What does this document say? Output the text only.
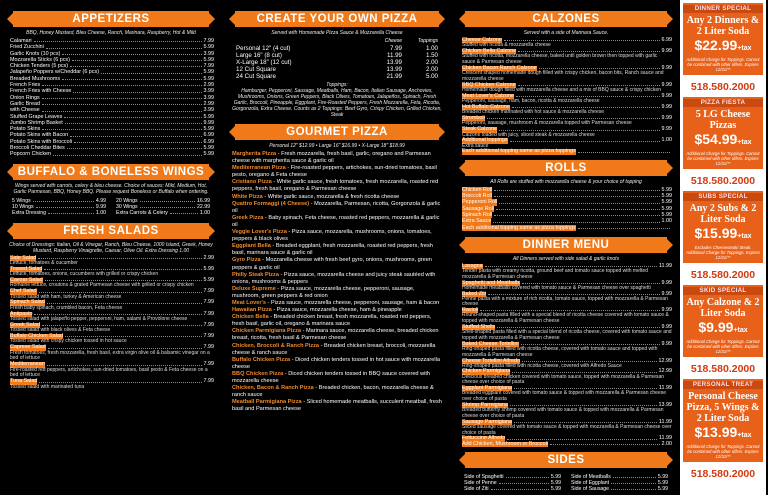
APPETIZERS
BBQ, Honey Mustard, Bleu Cheese, Ranch, Marinara, Raspberry, Hot & Mild
Calamari	7.99
Fried Zucchini	5.99
Garlic Knots (10 pcs)	3.99
Mozzarella Sticks (6 pcs)	5.99
Chicken Tenders (5 pcs)	7.99
Jalapeño Poppers w/Cheddar (6 pcs)	5.99
Breaded Mushrooms	5.99
French Fries	2.99
French Fries with Cheese	3.99
Onion Rings	3.99
Garlic Bread	2.99
with Cheese	3.99
Stuffed Grape Leaves	5.99
Jumbo Shrimp Basket	9.99
Potato Skins	5.99
Potato Skins with Bacon	6.99
Potato Skins with Broccoli	6.99
Broccoli Cheddar Bites	5.99
Popcorn Chicken	5.99
BUFFALO & BONELESS WINGS
Wings served with carrots, celery & bleu cheese. Choice of sauces: Mild, Medium, Hot, Garlic Parmesan, BBQ, Honey BBQ. Please request Boneless or Buffalo when ordering.
5 Wings	4.99 20 Wings	16.99
10 Wings	9.99 30 Wings	22.99
Extra Dressing	1.00 Extra Carrots & Celery	1.00
FRESH SALADS
Choice of Dressings: Italian, Oil & Vinegar, Ranch, Bleu Cheese, 1000 Island, Greek, Honey Mustard, Raspberry Vinaigrette, Caesar, Olive Oil. Extra Dressing 1.00
Side Salad	2.99
Lettuce, tomatoes & cucumber
Tossed Salad	5.99
Lettuce, tomatoes, onions, cucumbers with grilled or crispy chicken
Caesar Salad	5.99
Romaine lettuce, croutons & grated Parmesan cheese with grilled or crispy chicken
Chef Salad	7.99
Tossed salad with ham, turkey & American cheese
Spinach Salad	7.99
Fresh baby spinach, crumbled bacon, Feta cheese
Antipasto	7.99
Tossed salad with jalapeño pepper, pepperoni, ham, salami & Provolone cheese
Greek Salad	7.99
Tossed salad with black olives & Feta cheese
Buffalo Chicken Salad	7.99
Tossed salad with crispy chicken tossed in hot sauce
Caprese Salad	7.99
Fresh tomatoes, fresh mozzarella, fresh basil, extra virgin olive oil & balsamic vinegar on a bed of lettuce
Mediterranean	7.99
Fire-roasted red peppers, artichokes, sun-dried tomatoes, basil pesto & Feta cheese on a bed of lettuce
Tuna Salad	7.99
Tossed salad with marinated tuna
CREATE YOUR OWN PIZZA
Served with Homemade Pizza Sauce & Mozzarella Cheese
Cheese	Toppings
Personal 12" (4 cut)	7.99	1.00
Large 16" (8 cut)	11.99	1.50
X-Large 18" (12 cut)	13.99	2.00
12 Cut Square	13.99	2.00
24 Cut Square	21.99	5.00
Toppings:
Hamburger, Pepperoni, Sausage, Meatballs, Ham, Bacon, Italian Sausage, Anchovies, Mushrooms, Onions, Green Peppers, Black Olives, Tomatoes, Jalapeños, Spinach, Fresh Garlic, Broccoli, Pineapple, Eggplant, Fire-Roasted Peppers, Fresh Mozzarella, Feta, Ricotta, Gorgonzola, Extra Cheese. Counts as 2 Toppings: Beef Gyro, Crispy Chicken, Grilled Chicken, Steak
GOURMET PIZZA
Personal 12" $12.99 • Large 16" $16.99 • X-Large 18" $18.99
Margherita Pizza - Fresh mozzarella, fresh basil, garlic, oregano and Parmesan cheese with margherita sauce & garlic oil
Mediterranean Pizza - Fire-roasted peppers, artichokes, sun-dried tomatoes, basil pesto, oregano & Feta cheese
Cristiano Pizza - White garlic sauce, fresh tomatoes, fresh mozzarella, roasted red peppers, fresh basil, oregano & Parmesan cheese
White Pizza - White garlic sauce, mozzarella & fresh ricotta cheese
Quattro Formaggi (4 Cheese) - Mozzarella, Parmesan, ricotta, Gorgonzola & garlic oil
Greek Pizza - Baby spinach, Feta cheese, roasted red peppers, mozzarella & garlic oil
Veggie Lover's Pizza - Pizza sauce, mozzarella, mushrooms, onions, tomatoes, peppers & black olives
Eggplant Bella - Breaded eggplant, fresh mozzarella, roasted red peppers, fresh basil, marinara sauce & garlic oil
Gyro Pizza - Mozzarella cheese with fresh beef gyro, onions, mushrooms, green peppers & garlic oil
Philly Steak Pizza - Pizza sauce, mozzarella cheese and juicy steak sautéed with onions, mushrooms & peppers
Deluxe Supreme - Pizza sauce, mozzarella cheese, pepperoni, sausage, mushroom, green peppers & red onion
Meat Lover's - Pizza sauce, mozzarella cheese, pepperoni, sausage, ham & bacon
Hawaiian Pizza - Pizza sauce, mozzarella cheese, ham & pineapple
Chicken Bella - Breaded chicken breast, fresh mozzarella, roasted red peppers, fresh basil, garlic oil, oregano & marinara sauce
Chicken Parmigiana Pizza - Marinara sauce, mozzarella cheese, breaded chicken breast, ricotta, fresh basil & Parmesan cheese
Chicken, Broccoli & Ranch Pizza - Breaded chicken breast, broccoli, mozzarella cheese & ranch sauce
Buffalo Chicken Pizza - Diced chicken tenders tossed in hot sauce with mozzarella cheese
BBQ Chicken Pizza - Diced chicken tenders tossed in BBQ sauce covered with mozzarella cheese
Chicken, Bacon & Ranch Pizza - Breaded chicken, bacon, mozzarella cheese & ranch sauce
Meatball Parmigiana Pizza - Sliced homemade meatballs, succulent meatball, fresh basil and Parmesan cheese
CALZONES
Served with a side of Marinara Sauce.
Cheese Calzone	6.99
Stuffed with ricotta & mozzarella cheese
Chicken Bella Calzone	9.99
Stuffed with ricotta, mozzarella cheese, baked until golden brown then topped with garlic sauce & Parmesan cheese
Chicken Bacon Ranch Calzone	9.99
Crescent shaped homemade dough filled with crispy chicken, bacon bits, Ranch sauce and mozzarella cheese
BBQ Chicken Calzone	9.99
Homemade dough filled with mozzarella cheese and a mix of BBQ sauce & crispy chicken
Meat Lover's Calzone	9.99
Pepperoni, sausage, ham, bacon, ricotta & mozzarella cheese
Hot Buffalo Calzone	9.99
Breaded chicken marinated with hot sauce & mozzarella cheese
Stromboli	9.99
Pepperoni, sausage, mushroom & mozzarella topped with Parmesan cheese
Steak Calzone	9.99
Calzone loaded with juicy, sliced steak & mozzarella cheese
Additional toppings	1.00
Extra sauce
Each additional topping same as pizza toppings
ROLLS
All Rolls are stuffed with mozzarella cheese & your choice of topping
Chicken Roll	5.99
Broccoli Roll	5.99
Pepperoni Roll	5.99
Sausage Roll	5.99
Spinach Roll	5.99
Extra Sauce	1.00
Each additional topping same as pizza toppings
DINNER MENU
All Dinners served with side salad & garlic knots
Lasagna	11.99
Tender pasta with creamy ricotta, ground beef and tomato sauce topped with melted mozzarella & Parmesan cheese
Spaghetti and Meatballs	9.99
Homemade meatballs covered with tomato sauce & Parmesan cheese over spaghetti
Baked Ziti	9.99
Penne pasta with a mixture of rich ricotta, tomato sauce, topped with mozzarella & Parmesan cheese
Ravioli	9.99
Round-shaped pasta filled with a special blend of ricotta cheese covered with tomato sauce & topped with mozzarella & Parmesan cheese
Stuffed Shells	9.99
Shell-shaped pasta filled with a special blend of ricotta cheese, covered with tomato sauce and topped with mozzarella & Parmesan cheese
Baked Cheese Tortellini	9.99
Ring-shaped pasta filled with ricotta cheese, covered with tomato sauce and topped with mozzarella & Parmesan cheese
Cheese Tortellini Alfredo	12.99
Ring-shaped pasta filled with ricotta cheese, covered with Alfredo Sauce
Chicken Parmigiana	12.99
Delicious breaded chicken covered with tomato sauce, topped with mozzarella & Parmesan cheese over choice of pasta
Eggplant Parmigiana	11.99
Breaded eggplant covered with tomato sauce & topped with mozzarella & Parmesan cheese over choice of pasta
Shrimp Parmigiana	13.99
Breaded butterfly shrimp covered with tomato sauce & topped with mozzarella & Parmesan cheese over choice of pasta
Sausage Parmigiana	11.99
Sliced sausage covered with tomato sauce & topped with mozzarella & Parmesan cheese over choice of pasta
Fettuccine Alfredo	11.99
Add Chicken, Mushroom or Broccoli	2.00
SIDES
Side of Spaghetti	5.99 Side of Meatballs	5.99
Side of Penne	5.99 Side of Eggplant	5.99
Side of Ziti	5.99 Side of Sausage	5.99
DINNER SPECIAL
Any 2 Dinners & 2 Liter Soda
$22.99+tax
Additional Charge for Toppings. Cannot be combined with other offers. Expires 12/31/**
518.580.2000
PIZZA FIESTA
5 LG Cheese Pizzas
$54.99+tax
Additional Charge for Toppings. Cannot be combined with other offers. Expires 12/31/**
518.580.2000
SUBS SPECIAL
Any 2 Subs & 2 Liter Soda
$15.99+tax
Excludes Cheesesteak/ Steak. Additional Charge for Toppings. Expires 12/31/**
518.580.2000
SKID SPECIAL
Any Calzone & 2 Liter Soda
$9.99+tax
Additional Charge for Toppings. Cannot be combined with other offers. Expires 12/31/**
518.580.2000
PERSONAL TREAT
Personal Cheese Pizza, 5 Wings & 2 Liter Soda
$13.99+tax
Additional Charge for Toppings. Cannot be combined with other offers. Expires 12/31/**
518.580.2000
